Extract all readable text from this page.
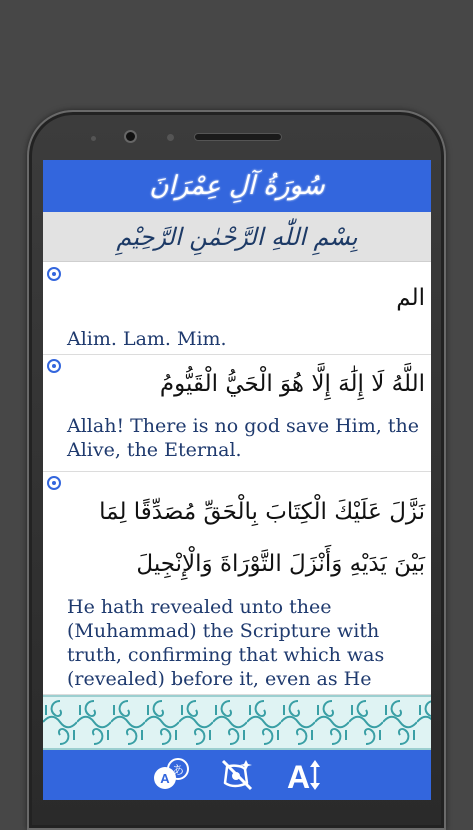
سُورَةُ آلِ عِمْرَانَ
بِسْمِ اللّٰهِ الرَّحْمٰنِ الرَّحِيْمِ
الم
Alim. Lam. Mim.
اللَّهُ لَا إِلَٰهَ إِلَّا هُوَ الْحَيُّ الْقَيُّومُ
Allah! There is no god save Him, the Alive, the Eternal.
نَزَّلَ عَلَيْكَ الْكِتَابَ بِالْحَقِّ مُصَدِّقًا لِمَا بَيْنَ يَدَيْهِ وَأَنْزَلَ التَّوْرَاةَ وَالْإِنْجِيلَ
He hath revealed unto thee (Muhammad) the Scripture with truth, confirming that which was (revealed) before it, even as He
A
あ	A
